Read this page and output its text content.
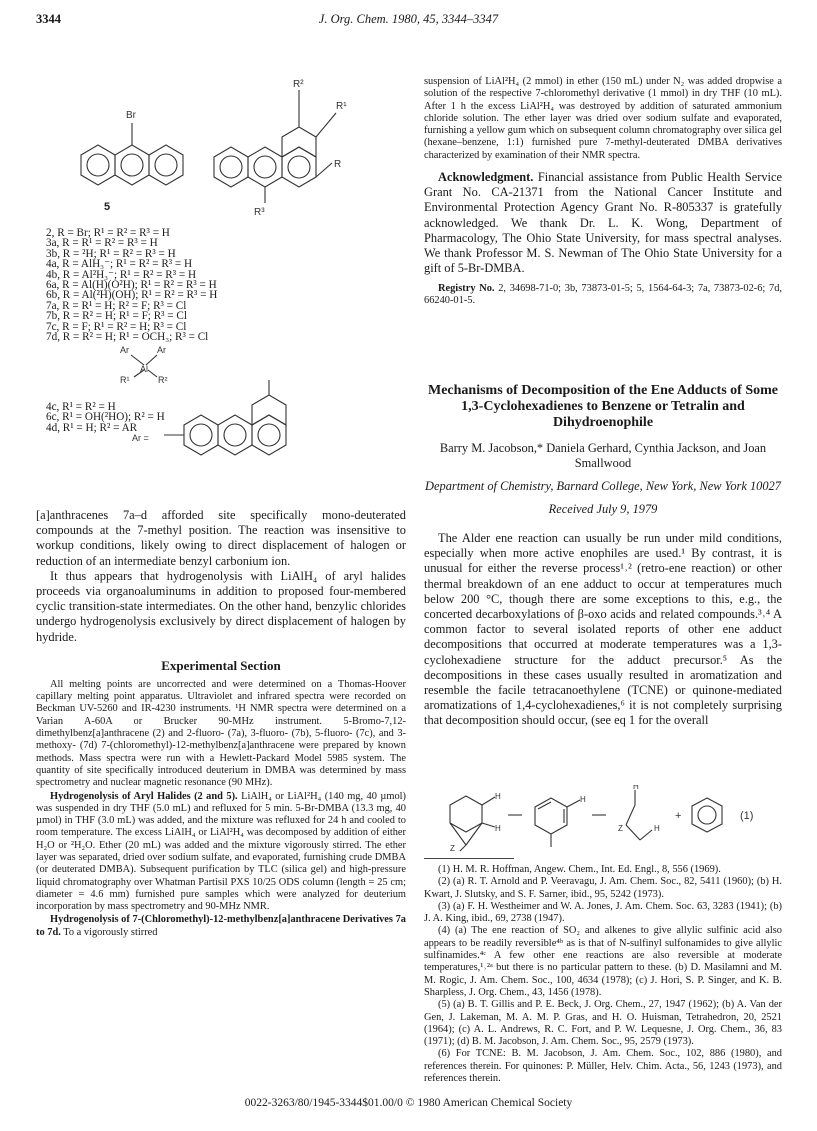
3344	J. Org. Chem. 1980, 45, 3344–3347
Br
5
R²
R¹
R
R³
Ar	Ar
Al
R¹	R²
Ar =
2, R = Br; R¹ = R² = R³ = H
3a, R = R¹ = R² = R³ = H
3b, R = ²H; R¹ = R² = R³ = H
4a, R = AlH₃⁻; R¹ = R² = R³ = H
4b, R = Al²H₃⁻; R¹ = R² = R³ = H
6a, R = Al(H)(O²H); R¹ = R² = R³ = H
6b, R = Al(²H)(OH); R¹ = R² = R³ = H
7a, R = R¹ = H; R² = F; R³ = Cl
7b, R = R² = H; R¹ = F; R³ = Cl
7c, R = F; R¹ = R² = H; R³ = Cl
7d, R = R² = H; R¹ = OCH₃; R³ = Cl
4c, R¹ = R² = H
6c, R¹ = OH(²HO); R² = H
4d, R¹ = H; R² = AR

[a]anthracenes 7a–d afforded site specifically mono-deuterated compounds at the 7-methyl position. The reaction was insensitive to workup conditions, likely owing to direct displacement of halogen or reduction of an intermediate benzyl carbonium ion.

It thus appears that hydrogenolysis with LiAlH₄ of aryl halides proceeds via organoaluminums in addition to proposed four-membered cyclic transition-state intermediates. On the other hand, benzylic chlorides undergo hydrogenolysis exclusively by direct displacement of halogen by hydride.

Experimental Section

All melting points are uncorrected and were determined on a Thomas-Hoover capillary melting point apparatus. Ultraviolet and infrared spectra were recorded on Beckman UV-5260 and IR-4230 instruments. ¹H NMR spectra were determined on a Varian A-60A or Brucker 90-MHz instrument. 5-Bromo-7,12-dimethylbenz[a]anthracene (2) and 2-fluoro- (7a), 3-fluoro- (7b), 5-fluoro- (7c), and 3-methoxy- (7d) 7-(chloromethyl)-12-methylbenz[a]anthracene were prepared by known methods. Mass spectra were run with a Hewlett-Packard Model 5985 system. The quantity of site specifically introduced deuterium in DMBA was determined by mass spectrometry and nuclear magnetic resonance (90 MHz).

Hydrogenolysis of Aryl Halides (2 and 5). LiAlH₄ or LiAl²H₄ (140 mg, 40 µmol) was suspended in dry THF (5.0 mL) and refluxed for 5 min. 5-Br-DMBA (13.3 mg, 40 µmol) in THF (3.0 mL) was added, and the mixture was refluxed for 24 h and cooled to room temperature. The excess LiAlH₄ or LiAl²H₄ was decomposed by addition of either H₂O or ²H₂O. Ether (20 mL) was added and the mixture vigorously stirred. The ether layer was separated, dried over sodium sulfate, and evaporated, furnishing crude DMBA (or deuterated DMBA). Subsequent purification by TLC (silica gel) and high-pressure liquid chromatography over Whatman Partisil PXS 10/25 ODS column (length = 25 cm; diameter = 4.6 mm) furnished pure samples which were analyzed for deuterium incorporation by mass spectrometry and 90-MHz NMR.

Hydrogenolysis of 7-(Chloromethyl)-12-methylbenz[a]anthracene Derivatives 7a to 7d. To a vigorously stirred

suspension of LiAl²H₄ (2 mmol) in ether (150 mL) under N₂ was added dropwise a solution of the respective 7-chloromethyl derivative (1 mmol) in dry THF (10 mL). After 1 h the excess LiAl²H₄ was destroyed by addition of saturated ammonium chloride solution. The ether layer was dried over sodium sulfate and evaporated, furnishing a yellow gum which on subsequent column chromatography over silica gel (hexane–benzene, 1:1) furnished pure 7-methyl-deuterated DMBA derivatives characterized by examination of their NMR spectra.

Acknowledgment. Financial assistance from Public Health Service Grant No. CA-21371 from the National Cancer Institute and Environmental Protection Agency Grant No. R-805337 is gratefully acknowledged. We thank Dr. L. K. Wong, Department of Pharmacology, The Ohio State University, for mass spectral analyses. We thank Professor M. S. Newman of The Ohio State University for a gift of 5-Br-DMBA.

Registry No. 2, 34698-71-0; 3b, 73873-01-5; 5, 1564-64-3; 7a, 73873-02-6; 7d, 66240-01-5.

Mechanisms of Decomposition of the Ene Adducts of Some 1,3-Cyclohexadienes to Benzene or Tetralin and Dihydroenophile

Barry M. Jacobson,* Daniela Gerhard, Cynthia Jackson, and Joan Smallwood

Department of Chemistry, Barnard College, New York, New York 10027

Received July 9, 1979

The Alder ene reaction can usually be run under mild conditions, especially when more active enophiles are used.¹ By contrast, it is unusual for either the reverse process¹˒² (retro-ene reaction) or other thermal breakdown of an ene adduct to occur at temperatures much below 200 °C, though there are some exceptions to this, e.g., the concerted decarboxylations of β-oxo acids and related compounds.³˒⁴ A common factor to several isolated reports of other ene adduct decompositions that occurred at moderate temperatures was a 1,3-cyclohexadiene structure for the adduct precursor.⁵ As the decompositions in these cases usually resulted in aromatization and resemble the facile tetracanoethylene (TCNE) or quinone-mediated aromatizations of 1,4-cyclohexadienes,⁶ it is not completely surprising that decomposition should occur, (see eq 1 for the overall

H
H
Z
H
H
Z	H
+	(1)

(1) H. M. R. Hoffman, Angew. Chem., Int. Ed. Engl., 8, 556 (1969).

(2) (a) R. T. Arnold and P. Veeravagu, J. Am. Chem. Soc., 82, 5411 (1960); (b) H. Kwart, J. Slutsky, and S. F. Sarner, ibid., 95, 5242 (1973).

(3) (a) F. H. Westheimer and W. A. Jones, J. Am. Chem. Soc. 63, 3283 (1941); (b) J. A. King, ibid., 69, 2738 (1947).

(4) (a) The ene reaction of SO₂ and alkenes to give allylic sulfinic acid also appears to be readily reversible⁴ᵇ as is that of N-sulfinyl sulfonamides to give allylic sulfinamides.⁴ᶜ A few other ene reactions are also reversible at moderate temperatures,¹˒²ᵃ but there is no particular pattern to these. (b) D. Masilamni and M. M. Rogic, J. Am. Chem. Soc., 100, 4634 (1978); (c) J. Hori, S. P. Singer, and K. B. Sharpless, J. Org. Chem., 43, 1456 (1978).

(5) (a) B. T. Gillis and P. E. Beck, J. Org. Chem., 27, 1947 (1962); (b) A. Van der Gen, J. Lakeman, M. A. M. P. Gras, and H. O. Huisman, Tetrahedron, 20, 2521 (1964); (c) A. L. Andrews, R. C. Fort, and P. W. Lequesne, J. Org. Chem., 36, 83 (1971); (d) B. M. Jacobson, J. Am. Chem. Soc., 95, 2579 (1973).

(6) For TCNE: B. M. Jacobson, J. Am. Chem. Soc., 102, 886 (1980), and references therein. For quinones: P. Müller, Helv. Chim. Acta., 56, 1243 (1973), and references therein.

0022-3263/80/1945-3344$01.00/0 © 1980 American Chemical Society
